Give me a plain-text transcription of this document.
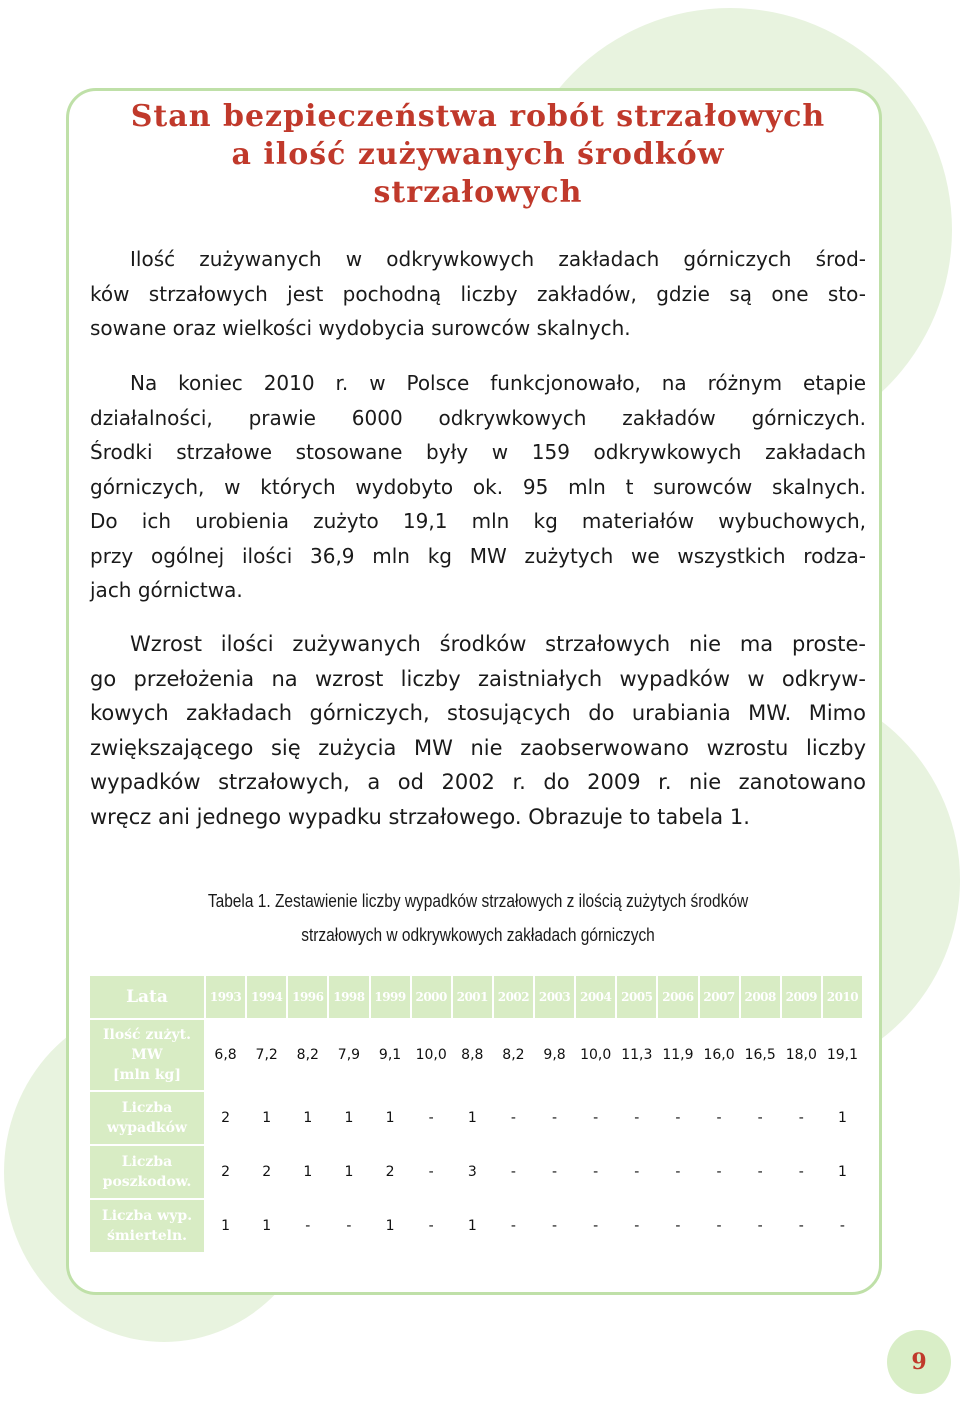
Stan bezpieczeństwa robót strzałowych
a ilość zużywanych środków
strzałowych
Ilość zużywanych w odkrywkowych zakładach górniczych środ-
ków strzałowych jest pochodną liczby zakładów, gdzie są one sto-
sowane oraz wielkości wydobycia surowców skalnych.
Na koniec 2010 r. w Polsce funkcjonowało, na różnym etapie
działalności, prawie 6000 odkrywkowych zakładów górniczych.
Środki strzałowe stosowane były w 159 odkrywkowych zakładach
górniczych, w których wydobyto ok. 95 mln t surowców skalnych.
Do ich urobienia zużyto 19,1 mln kg materiałów wybuchowych,
przy ogólnej ilości 36,9 mln kg MW zużytych we wszystkich rodza-
jach górnictwa.
Wzrost ilości zużywanych środków strzałowych nie ma proste-
go przełożenia na wzrost liczby zaistniałych wypadków w odkryw-
kowych zakładach górniczych, stosujących do urabiania MW. Mimo
zwiększającego się zużycia MW nie zaobserwowano wzrostu liczby
wypadków strzałowych, a od 2002 r. do 2009 r. nie zanotowano
wręcz ani jednego wypadku strzałowego. Obrazuje to tabela 1.
Tabela 1. Zestawienie liczby wypadków strzałowych z ilością zużytych środków
strzałowych w odkrywkowych zakładach górniczych
Lata	1993	1994	1996	1998	1999	2000	2001	2002	2003	2004	2005	2006	2007	2008	2009	2010

Ilość zużyt.
MW
[mln kg]	6,8	7,2	8,2	7,9	9,1	10,0	8,8	8,2	9,8	10,0	11,3	11,9	16,0	16,5	18,0	19,1

Liczba
wypadków	2	1	1	1	1	-	1	-	-	-	-	-	-	-	-	1

Liczba
poszkodow.	2	2	1	1	2	-	3	-	-	-	-	-	-	-	-	1

Liczba wyp.
śmierteln.	1	1	-	-	1	-	1	-	-	-	-	-	-	-	-	-
9
